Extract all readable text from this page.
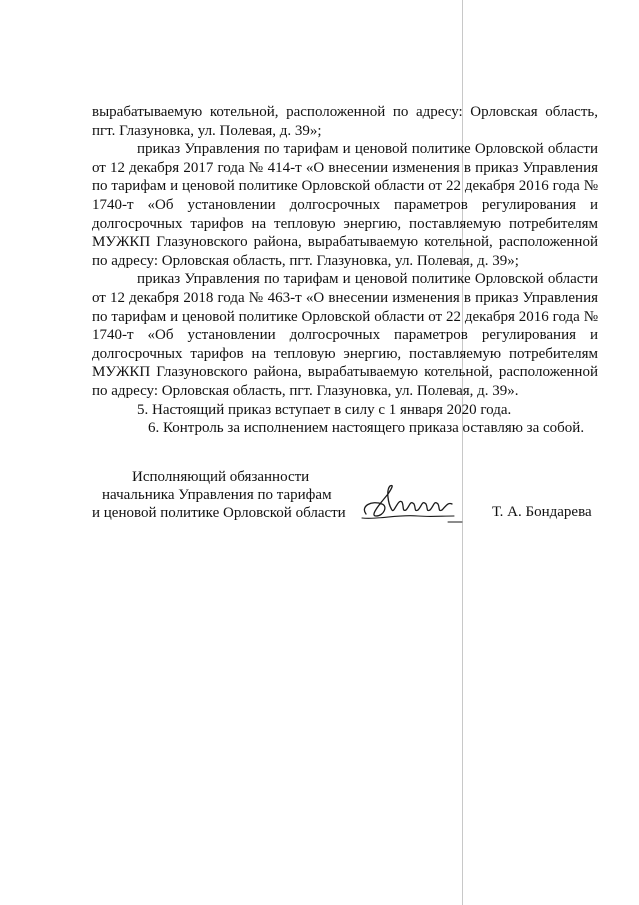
вырабатываемую котельной, расположенной по адресу: Орловская область, пгт. Глазуновка, ул. Полевая, д. 39»;

приказ Управления по тарифам и ценовой политике Орловской области от 12 декабря 2017 года № 414-т «О внесении изменения в приказ Управления по тарифам и ценовой политике Орловской области от 22 декабря 2016 года № 1740-т «Об установлении долгосрочных параметров регулирования и долгосрочных тарифов на тепловую энергию, поставляемую потребителям МУЖКП Глазуновского района, вырабатываемую котельной, расположенной по адресу: Орловская область, пгт. Глазуновка, ул. Полевая, д. 39»;

приказ Управления по тарифам и ценовой политике Орловской области от 12 декабря 2018 года № 463-т «О внесении изменения в приказ Управления по тарифам и ценовой политике Орловской области от 22 декабря 2016 года № 1740-т «Об установлении долгосрочных параметров регулирования и долгосрочных тарифов на тепловую энергию, поставляемую потребителям МУЖКП Глазуновского района, вырабатываемую котельной, расположенной по адресу: Орловская область, пгт. Глазуновка, ул. Полевая, д. 39».

5. Настоящий приказ вступает в силу с 1 января 2020 года.

6. Контроль за исполнением настоящего приказа оставляю за собой.

Исполняющий обязанности
начальника Управления по тарифам
и ценовой политике Орловской области	Т. А. Бондарева
